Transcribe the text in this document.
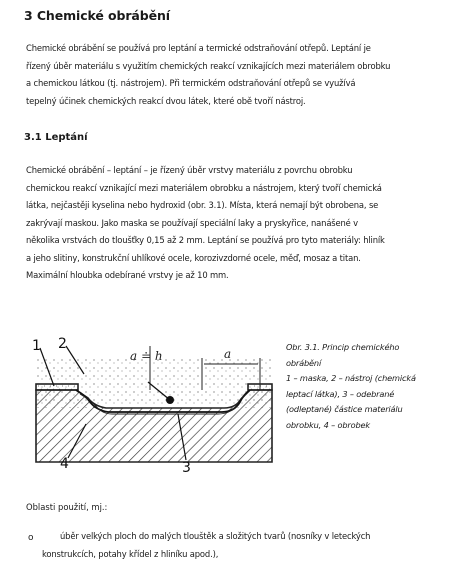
3 Chemické obrábění
Chemické obrábění se používá pro leptání a termické odstraňování otřepů. Leptání je
řízený úběr materiálu s využitím chemických reakcí vznikajících mezi materiálem obrobku
a chemickou látkou (tj. nástrojem). Při termickém odstraňování otřepů se využívá
tepelný účinek chemických reakcí dvou látek, které obě tvoří nástroj.
3.1 Leptání
Chemické obrábění – leptání – je řízený úběr vrstvy materiálu z povrchu obrobku
chemickou reakcí vznikající mezi materiálem obrobku a nástrojem, který tvoří chemická
látka, nejčastěji kyselina nebo hydroxid (obr. 3.1). Místa, která nemají být obrobena, se
zakrývají maskou. Jako maska se používají speciální laky a pryskyřice, nanášené v
několika vrstvách do tloušťky 0,15 až 2 mm. Leptání se používá pro tyto materiály: hliník
a jeho slitiny, konstrukční uhlíkové ocele, korozivzdorné ocele, měď, mosaz a titan.
Maximální hloubka odebírané vrstvy je až 10 mm.
a ≐ h	a
1 2
3
4
Obr. 3.1. Princip chemického
obrábění
1 – maska, 2 – nástroj (chemická
leptací látka), 3 – odebrané
(odleptané) částice materiálu
obrobku, 4 – obrobek

Oblasti použití, mj.:

o	úběr velkých ploch do malých tlouštěk a složitých tvarů (nosníky v leteckých
konstrukcích, potahy křídel z hliníku apod.),
